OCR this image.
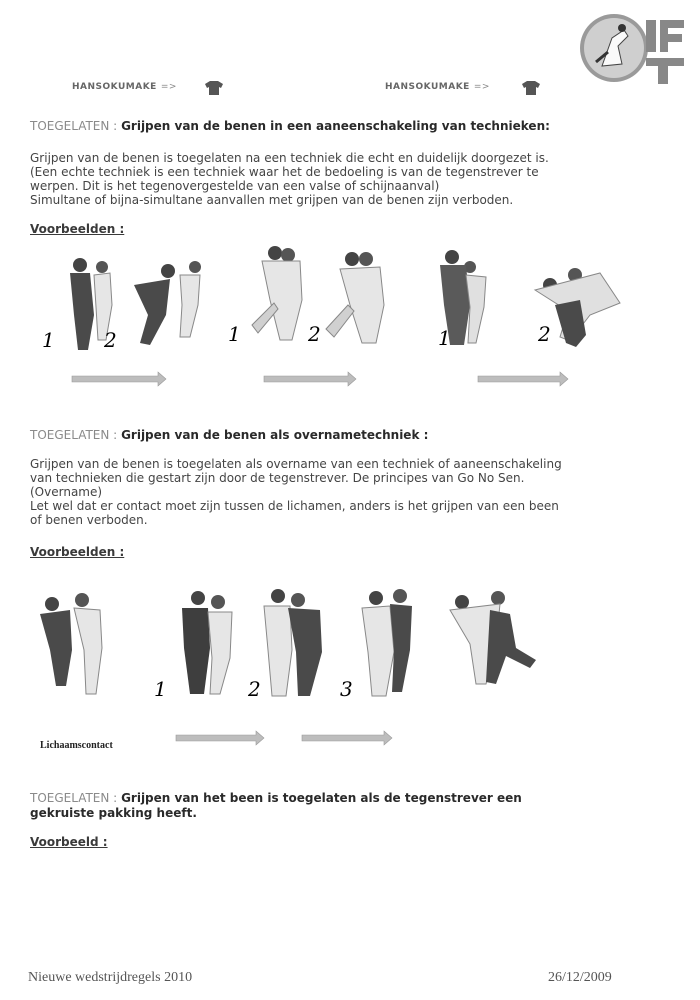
HANSOKUMAKE =>	HANSOKUMAKE =>
TOEGELATEN : Grijpen van de benen in een aaneenschakeling van technieken:

Grijpen van de benen is toegelaten na een techniek die echt en duidelijk doorgezet is.

(Een echte techniek is een techniek waar het de bedoeling is van de tegenstrever te

werpen. Dit is het tegenovergestelde van een valse of schijnaanval)

Simultane of bijna-simultane aanvallen met grijpen van de benen zijn verboden.

Voorbeelden :
1 2	1	2	1	2
TOEGELATEN : Grijpen van de benen als overnametechniek :

Grijpen van de benen is toegelaten als overname van een techniek of aaneenschakeling

van technieken die gestart zijn door de tegenstrever. De principes van Go No Sen.

(Overname)

Let wel dat er contact moet zijn tussen de lichamen, anders is het grijpen van een been

of benen verboden.

Voorbeelden :
1	2	3
Lichaamscontact
TOEGELATEN : Grijpen van het been is toegelaten als de tegenstrever een
gekruiste pakking heeft.
Voorbeeld :
Nieuwe wedstrijdregels 2010	26/12/2009
